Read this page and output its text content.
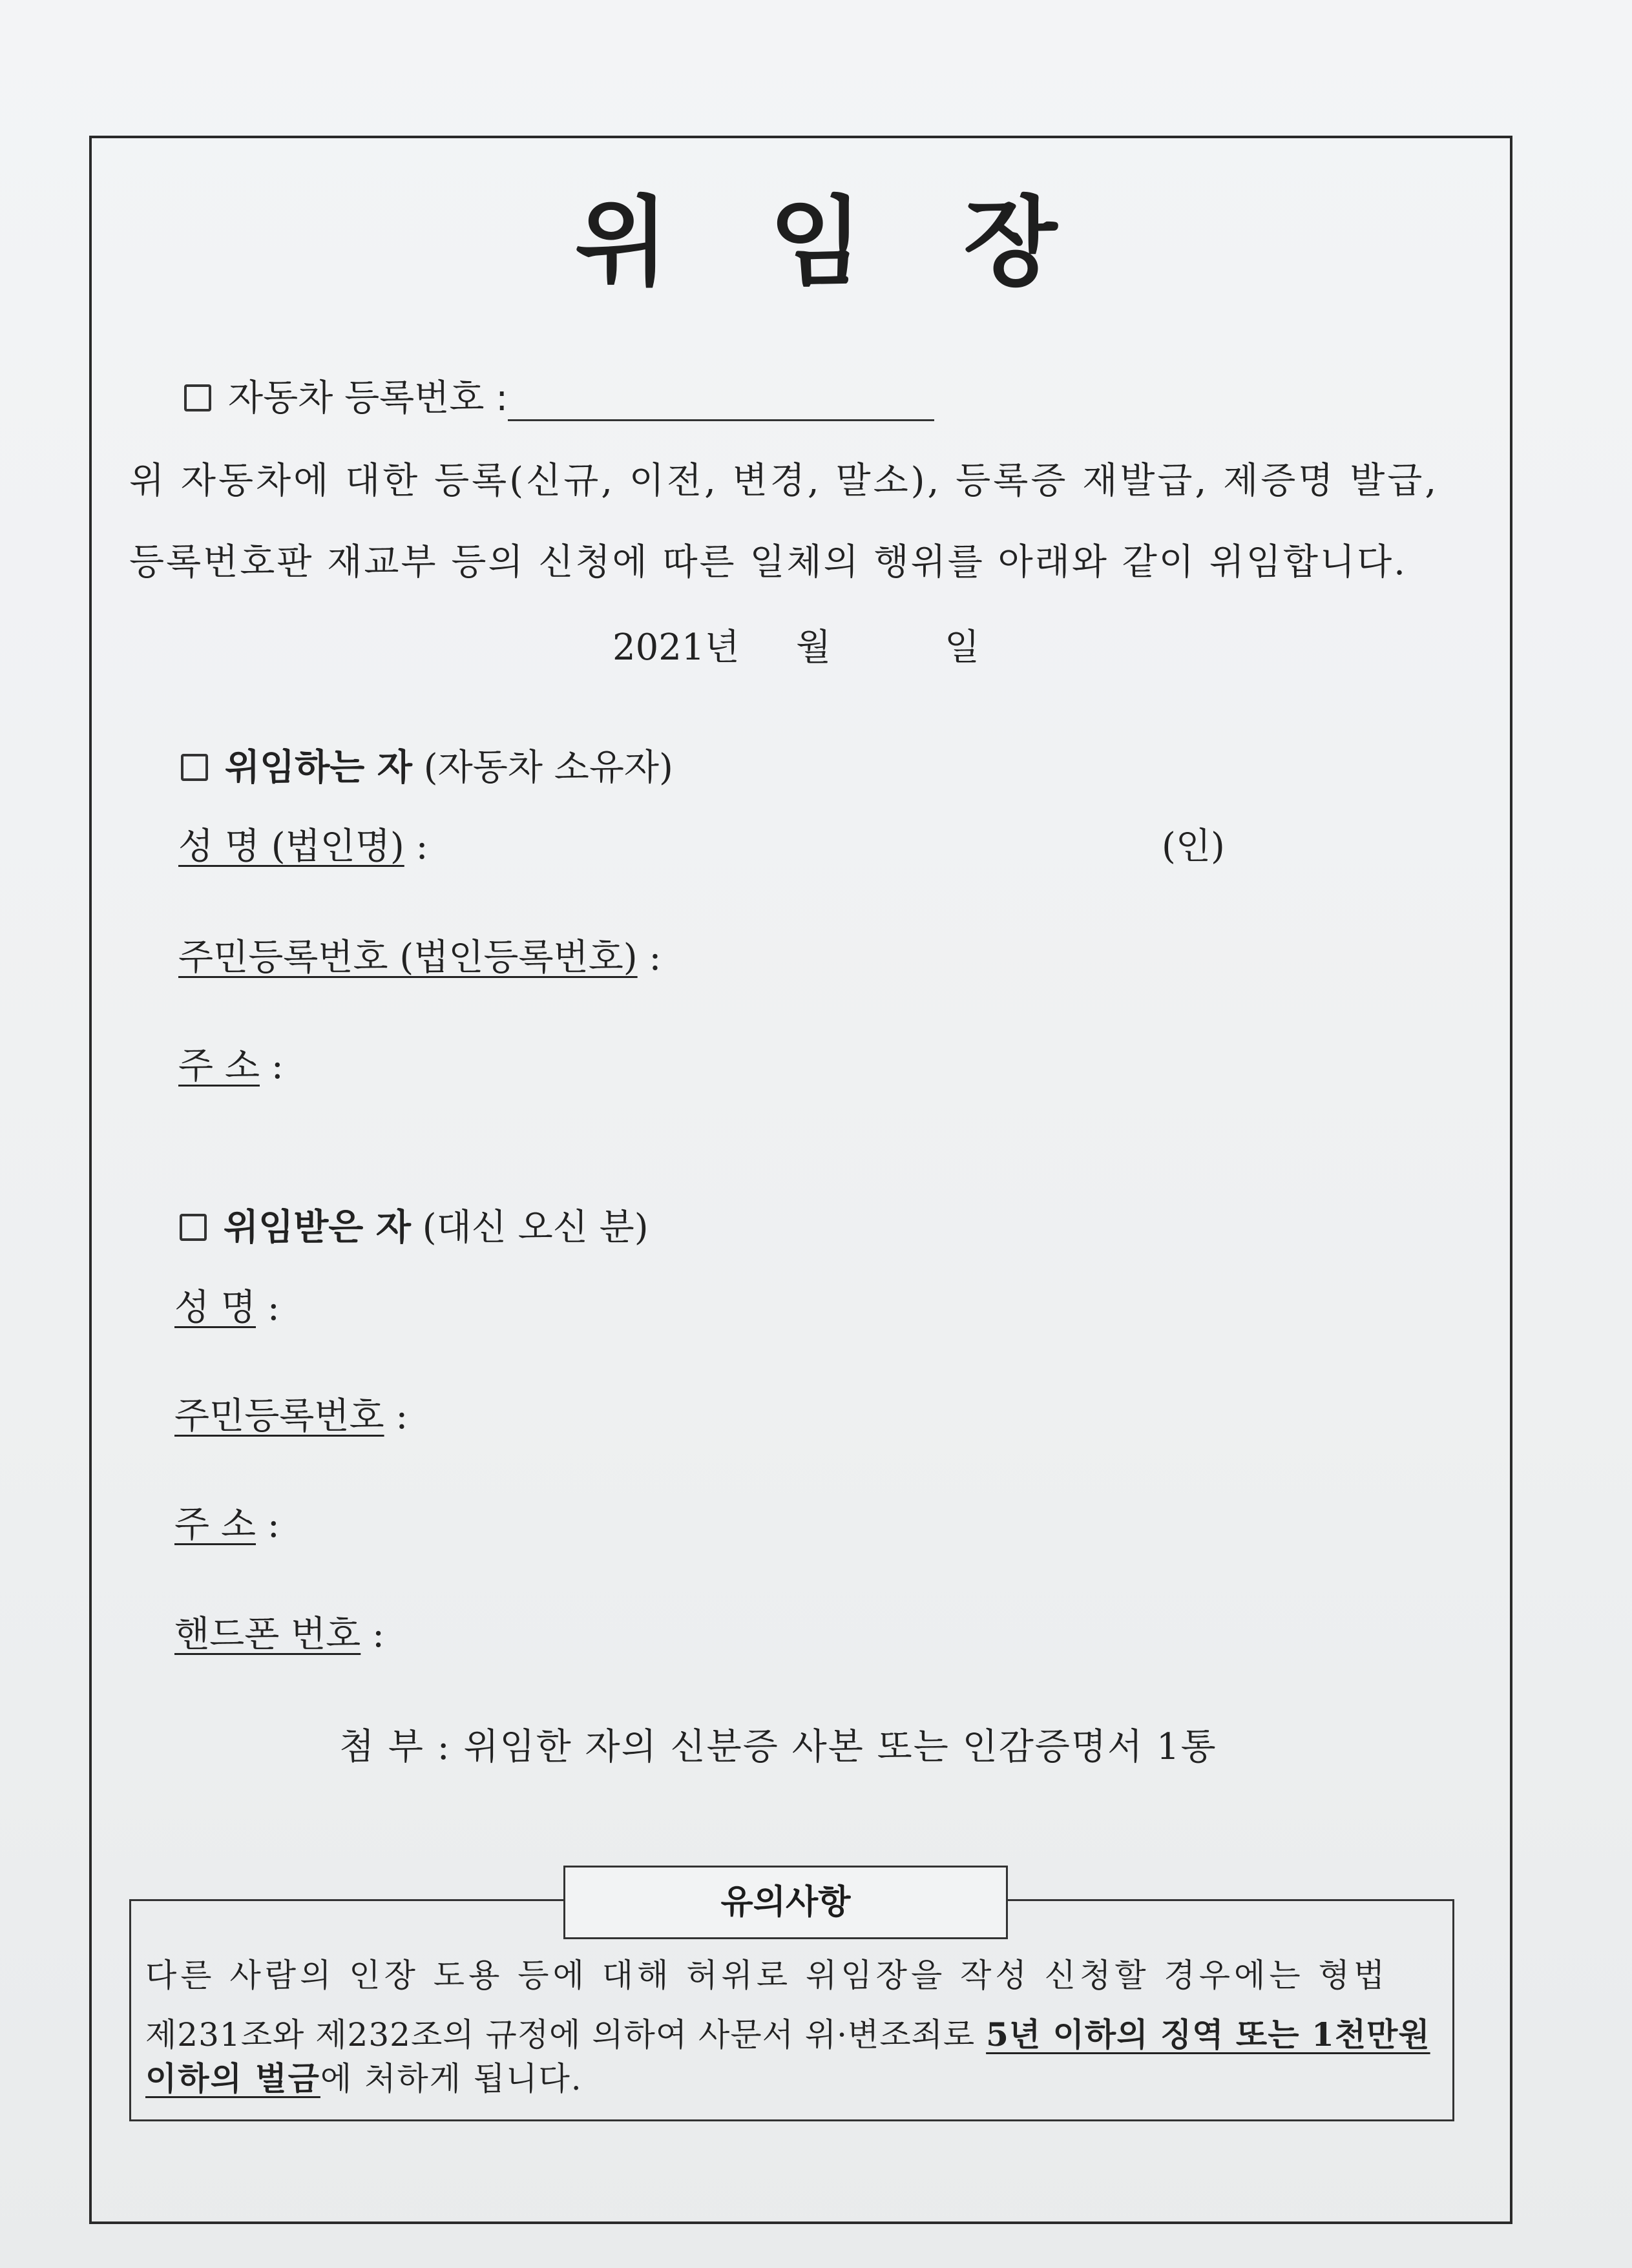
위 임 장
자동차 등록번호 :
위 자동차에 대한 등록(신규, 이전, 변경, 말소), 등록증 재발급, 제증명 발급,
등록번호판 재교부 등의 신청에 따른 일체의 행위를 아래와 같이 위임합니다.
2021년 월	일
위임하는 자 (자동차 소유자)
성 명 (법인명) :	(인)
주민등록번호 (법인등록번호) :
주 소 :
위임받은 자 (대신 오신 분)
성 명 :
주민등록번호 :
주 소 :
핸드폰 번호 :
첨 부 : 위임한 자의 신분증 사본 또는 인감증명서 1통
유의사항
다른 사람의 인장 도용 등에 대해 허위로 위임장을 작성 신청할 경우에는 형법
제231조와 제232조의 규정에 의하여 사문서 위·변조죄로 5년 이하의 징역 또는 1천만원
이하의 벌금에 처하게 됩니다.
